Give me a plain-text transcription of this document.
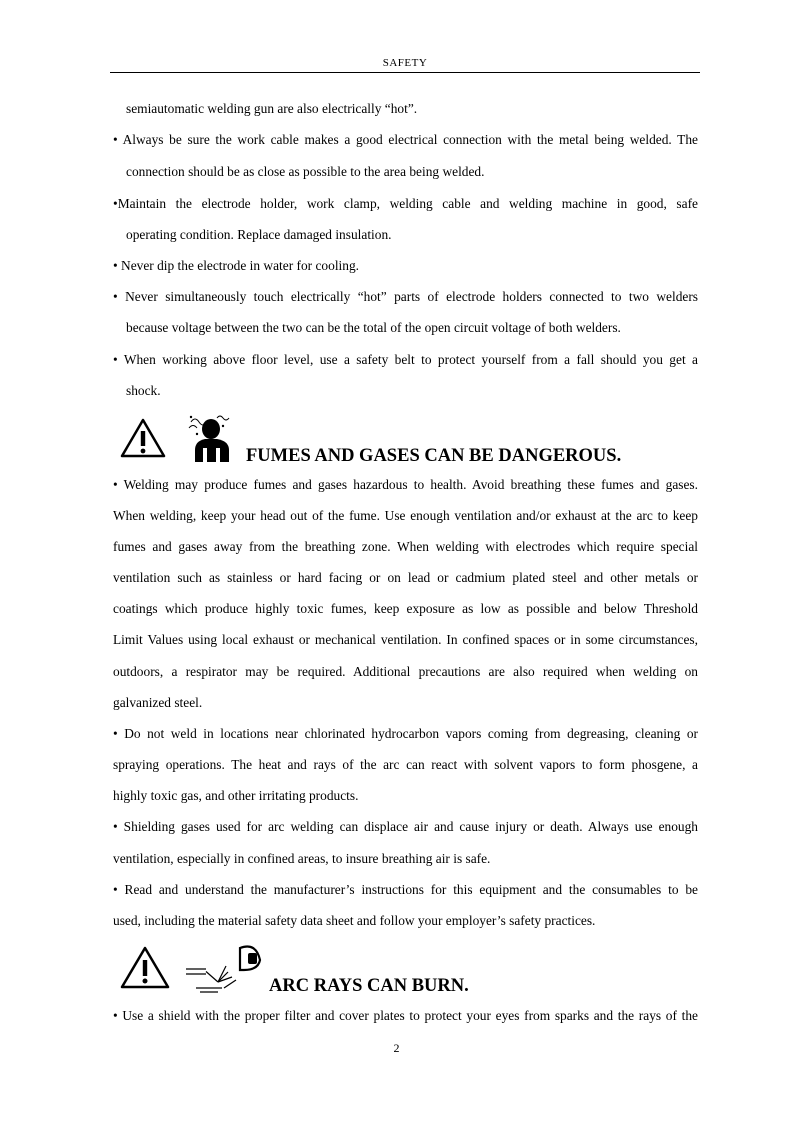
SAFETY
semiautomatic welding gun are also electrically “hot”.
• Always be sure the work cable makes a good electrical connection with the metal being welded. The
connection should be as close as possible to the area being welded.
•Maintain the electrode holder, work clamp, welding cable and welding machine in good, safe
operating condition. Replace damaged insulation.
• Never dip the electrode in water for cooling.
• Never simultaneously touch electrically “hot” parts of electrode holders connected to two welders
because voltage between the two can be the total of the open circuit voltage of both welders.
• When working above floor level, use a safety belt to protect yourself from a fall should you get a
shock.
FUMES AND GASES CAN BE DANGEROUS.
• Welding may produce fumes and gases hazardous to health. Avoid breathing these fumes and gases.
When welding, keep your head out of the fume. Use enough ventilation and/or exhaust at the arc to keep
fumes and gases away from the breathing zone. When welding with electrodes which require special
ventilation such as stainless or hard facing or on lead or cadmium plated steel and other metals or
coatings which produce highly toxic fumes, keep exposure as low as possible and below Threshold
Limit Values using local exhaust or mechanical ventilation. In confined spaces or in some circumstances,
outdoors, a respirator may be required. Additional precautions are also required when welding on
galvanized steel.
• Do not weld in locations near chlorinated hydrocarbon vapors coming from degreasing, cleaning or
spraying operations. The heat and rays of the arc can react with solvent vapors to form phosgene, a
highly toxic gas, and other irritating products.
• Shielding gases used for arc welding can displace air and cause injury or death. Always use enough
ventilation, especially in confined areas, to insure breathing air is safe.
• Read and understand the manufacturer’s instructions for this equipment and the consumables to be
used, including the material safety data sheet and follow your employer’s safety practices.
ARC RAYS CAN BURN.
• Use a shield with the proper filter and cover plates to protect your eyes from sparks and the rays of the
2
